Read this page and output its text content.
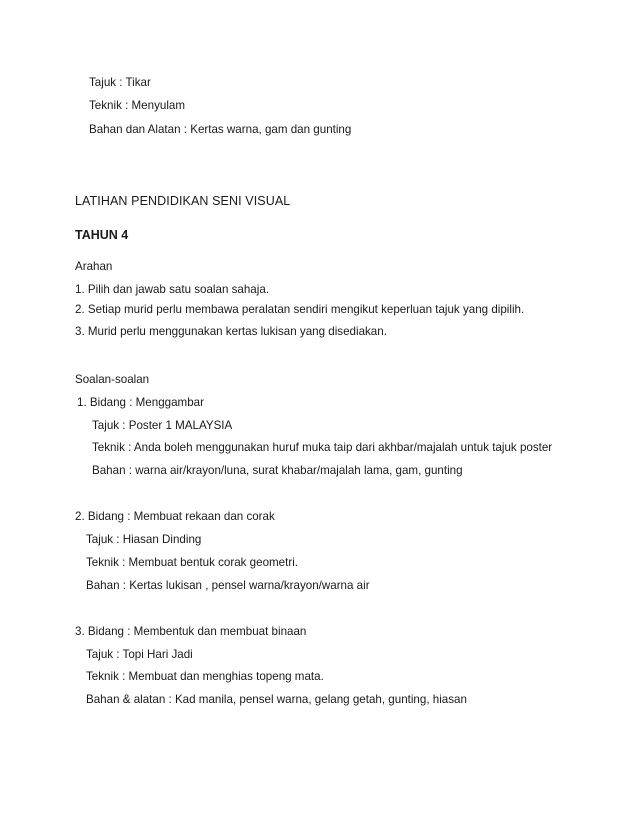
Tajuk : Tikar
Teknik : Menyulam
Bahan dan Alatan : Kertas warna, gam dan gunting
LATIHAN PENDIDIKAN SENI VISUAL
TAHUN 4
Arahan
1. Pilih dan jawab satu soalan sahaja.
2. Setiap murid perlu membawa peralatan sendiri mengikut keperluan tajuk yang dipilih.
3. Murid perlu menggunakan kertas lukisan yang disediakan.
Soalan-soalan
1. Bidang : Menggambar
Tajuk : Poster 1 MALAYSIA
Teknik : Anda boleh menggunakan huruf muka taip dari akhbar/majalah untuk tajuk poster
Bahan : warna air/krayon/luna, surat khabar/majalah lama, gam, gunting
2. Bidang : Membuat rekaan dan corak
Tajuk : Hiasan Dinding
Teknik : Membuat bentuk corak geometri.
Bahan : Kertas lukisan , pensel warna/krayon/warna air
3. Bidang : Membentuk dan membuat binaan
Tajuk : Topi Hari Jadi
Teknik : Membuat dan menghias topeng mata.
Bahan & alatan : Kad manila, pensel warna, gelang getah, gunting, hiasan
